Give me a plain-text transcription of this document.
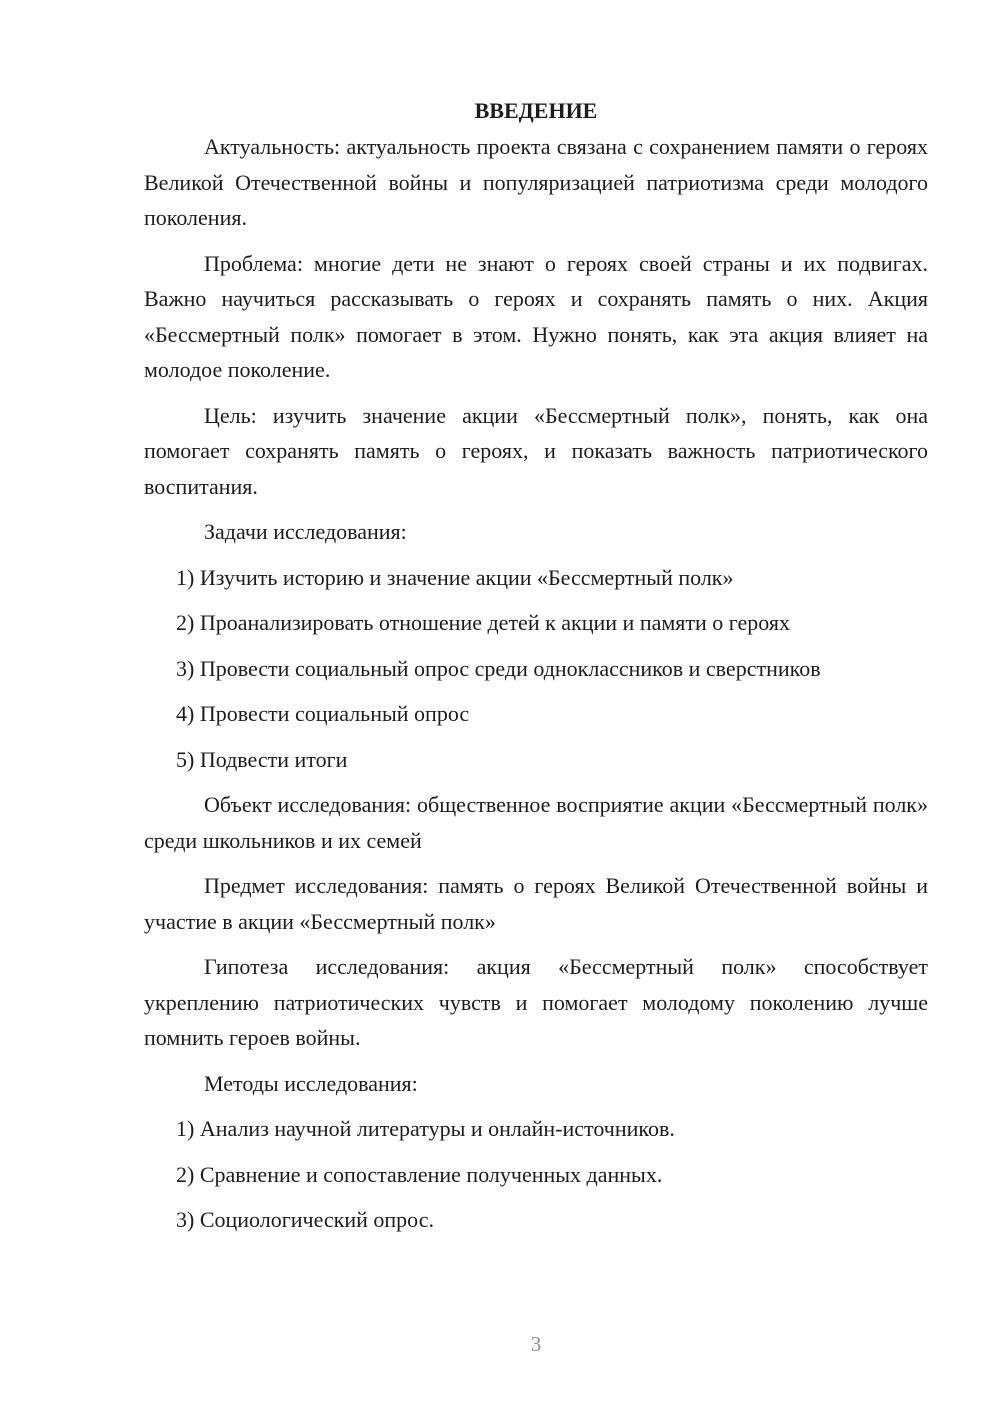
ВВЕДЕНИЕ

Актуальность: актуальность проекта связана с сохранением памяти о героях Великой Отечественной войны и популяризацией патриотизма среди молодого поколения.

Проблема: многие дети не знают о героях своей страны и их подвигах. Важно научиться рассказывать о героях и сохранять память о них. Акция «Бессмертный полк» помогает в этом. Нужно понять, как эта акция влияет на молодое поколение.

Цель: изучить значение акции «Бессмертный полк», понять, как она помогает сохранять память о героях, и показать важность патриотического воспитания.

Задачи исследования:
1) Изучить историю и значение акции «Бессмертный полк»
2) Проанализировать отношение детей к акции и памяти о героях
3) Провести социальный опрос среди одноклассников и сверстников
4) Провести социальный опрос
5) Подвести итоги

Объект исследования: общественное восприятие акции «Бессмертный полк» среди школьников и их семей

Предмет исследования: память о героях Великой Отечественной войны и участие в акции «Бессмертный полк»

Гипотеза исследования: акция «Бессмертный полк» способствует укреплению патриотических чувств и помогает молодому поколению лучше помнить героев войны.

Методы исследования:
1) Анализ научной литературы и онлайн-источников.
2) Сравнение и сопоставление полученных данных.
3) Социологический опрос.
3
